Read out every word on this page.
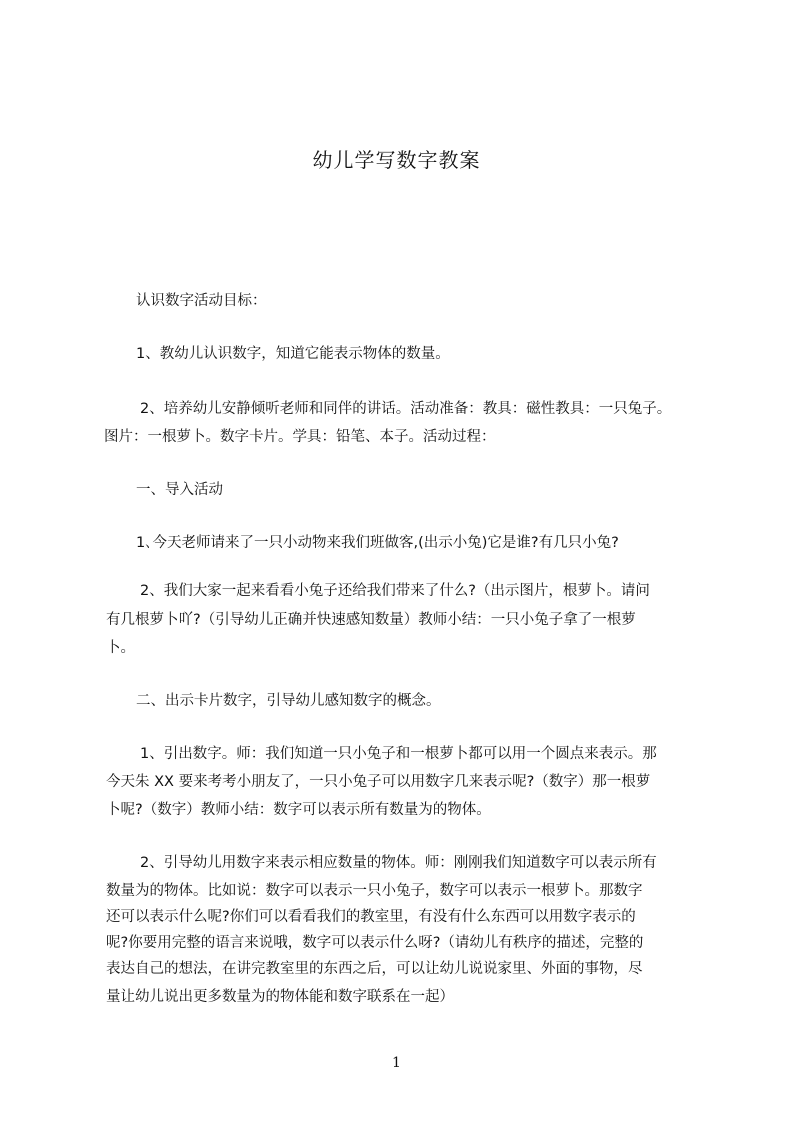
幼儿学写数字教案
认识数字活动目标：
1、教幼儿认识数字，知道它能表示物体的数量。
2、培养幼儿安静倾听老师和同伴的讲话。活动准备：教具：磁性教具：一只兔子。
图片：一根萝卜。数字卡片。学具：铅笔、本子。活动过程：
一、导入活动
1､今天老师请来了一只小动物来我们班做客,(出示小兔)它是谁?有几只小兔?
2、我们大家一起来看看小兔子还给我们带来了什么?（出示图片，根萝卜。请问
有几根萝卜吖?（引导幼儿正确并快速感知数量）教师小结：一只小兔子拿了一根萝
卜。
二、出示卡片数字，引导幼儿感知数字的概念。
1、引出数字。师：我们知道一只小兔子和一根萝卜都可以用一个圆点来表示。那
今天朱 XX 要来考考小朋友了，一只小兔子可以用数字几来表示呢?（数字）那一根萝
卜呢?（数字）教师小结：数字可以表示所有数量为的物体。
2、引导幼儿用数字来表示相应数量的物体。师：刚刚我们知道数字可以表示所有
数量为的物体。比如说：数字可以表示一只小兔子，数字可以表示一根萝卜。那数字
还可以表示什么呢?你们可以看看我们的教室里，有没有什么东西可以用数字表示的
呢?你要用完整的语言来说哦，数字可以表示什么呀?（请幼儿有秩序的描述，完整的
表达自己的想法，在讲完教室里的东西之后，可以让幼儿说说家里、外面的事物，尽
量让幼儿说出更多数量为的物体能和数字联系在一起）
1
